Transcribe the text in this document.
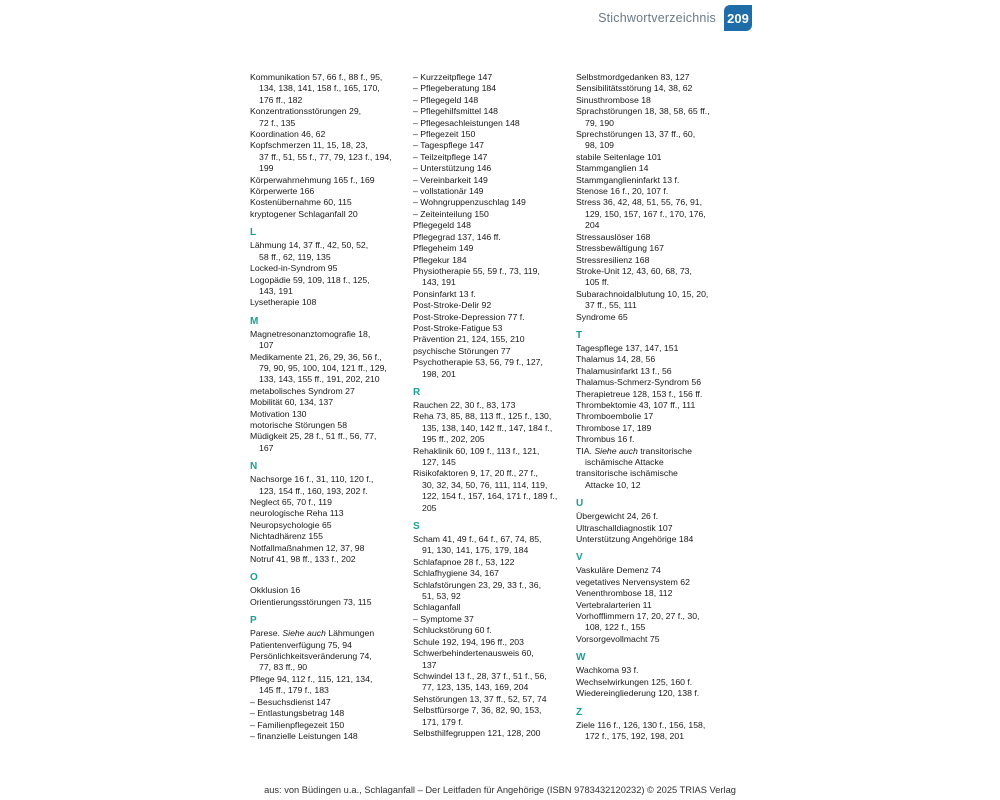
Stichwortverzeichnis 209
Kommunikation 57, 66 f., 88 f., 95,
134, 138, 141, 158 f., 165, 170,
176 ff., 182
Konzentrationsstörungen 29,
72 f., 135
Koordination 46, 62
Kopfschmerzen 11, 15, 18, 23,
37 ff., 51, 55 f., 77, 79, 123 f., 194,
199
Körperwahrnehmung 165 f., 169
Körperwerte 166
Kostenübernahme 60, 115
kryptogener Schlaganfall 20
L
Lähmung 14, 37 ff., 42, 50, 52,
58 ff., 62, 119, 135
Locked-in-Syndrom 95
Logopädie 59, 109, 118 f., 125,
143, 191
Lysetherapie 108
M
Magnetresonanztomografie 18,
107
Medikamente 21, 26, 29, 36, 56 f.,
79, 90, 95, 100, 104, 121 ff., 129,
133, 143, 155 ff., 191, 202, 210
metabolisches Syndrom 27
Mobilität 60, 134, 137
Motivation 130
motorische Störungen 58
Müdigkeit 25, 28 f., 51 ff., 56, 77,
167
N
Nachsorge 16 f., 31, 110, 120 f.,
123, 154 ff., 160, 193, 202 f.
Neglect 65, 70 f., 119
neurologische Reha 113
Neuropsychologie 65
Nichtadhärenz 155
Notfallmaßnahmen 12, 37, 98
Notruf 41, 98 ff., 133 f., 202
O
Okklusion 16
Orientierungsstörungen 73, 115
P
Parese. Siehe auch Lähmungen
Patientenverfügung 75, 94
Persönlichkeitsveränderung 74,
77, 83 ff., 90
Pflege 94, 112 f., 115, 121, 134,
145 ff., 179 f., 183
– Besuchsdienst 147
– Entlastungsbetrag 148
– Familienpflegezeit 150
– finanzielle Leistungen 148
– Kurzzeitpflege 147
– Pflegeberatung 184
– Pflegegeld 148
– Pflegehilfsmittel 148
– Pflegesachleistungen 148
– Pflegezeit 150
– Tagespflege 147
– Teilzeitpflege 147
– Unterstützung 146
– Vereinbarkeit 149
– vollstationär 149
– Wohngruppenzuschlag 149
– Zeiteinteilung 150
Pflegegeld 148
Pflegegrad 137, 146 ff.
Pflegeheim 149
Pflegekur 184
Physiotherapie 55, 59 f., 73, 119,
143, 191
Ponsinfarkt 13 f.
Post-Stroke-Delir 92
Post-Stroke-Depression 77 f.
Post-Stroke-Fatigue 53
Prävention 21, 124, 155, 210
psychische Störungen 77
Psychotherapie 53, 56, 79 f., 127,
198, 201
R
Rauchen 22, 30 f., 83, 173
Reha 73, 85, 88, 113 ff., 125 f., 130,
135, 138, 140, 142 ff., 147, 184 f.,
195 ff., 202, 205
Rehaklinik 60, 109 f., 113 f., 121,
127, 145
Risikofaktoren 9, 17, 20 ff., 27 f.,
30, 32, 34, 50, 76, 111, 114, 119,
122, 154 f., 157, 164, 171 f., 189 f.,
205
S
Scham 41, 49 f., 64 f., 67, 74, 85,
91, 130, 141, 175, 179, 184
Schlafapnoe 28 f., 53, 122
Schlafhygiene 34, 167
Schlafstörungen 23, 29, 33 f., 36,
51, 53, 92
Schlaganfall
– Symptome 37
Schluckstörung 60 f.
Schule 192, 194, 196 ff., 203
Schwerbehindertenausweis 60,
137
Schwindel 13 f., 28, 37 f., 51 f., 56,
77, 123, 135, 143, 169, 204
Sehstörungen 13, 37 ff., 52, 57, 74
Selbstfürsorge 7, 36, 82, 90, 153,
171, 179 f.
Selbsthilfegruppen 121, 128, 200
Selbstmordgedanken 83, 127
Sensibilitätsstörung 14, 38, 62
Sinusthrombose 18
Sprachstörungen 18, 38, 58, 65 ff.,
79, 190
Sprechstörungen 13, 37 ff., 60,
98, 109
stabile Seitenlage 101
Stammganglien 14
Stammganglieninfarkt 13 f.
Stenose 16 f., 20, 107 f.
Stress 36, 42, 48, 51, 55, 76, 91,
129, 150, 157, 167 f., 170, 176,
204
Stressauslöser 168
Stressbewältigung 167
Stressresilienz 168
Stroke-Unit 12, 43, 60, 68, 73,
105 ff.
Subarachnoidalblutung 10, 15, 20,
37 ff., 55, 111
Syndrome 65
T
Tagespflege 137, 147, 151
Thalamus 14, 28, 56
Thalamusinfarkt 13 f., 56
Thalamus-Schmerz-Syndrom 56
Therapietreue 128, 153 f., 156 ff.
Thrombektomie 43, 107 ff., 111
Thromboembolie 17
Thrombose 17, 189
Thrombus 16 f.
TIA. Siehe auch transitorische
ischämische Attacke
transitorische ischämische
Attacke 10, 12
U
Übergewicht 24, 26 f.
Ultraschalldiagnostik 107
Unterstützung Angehörige 184
V
Vaskuläre Demenz 74
vegetatives Nervensystem 62
Venenthrombose 18, 112
Vertebralarterien 11
Vorhofflimmern 17, 20, 27 f., 30,
108, 122 f., 155
Vorsorgevollmacht 75
W
Wachkoma 93 f.
Wechselwirkungen 125, 160 f.
Wiedereingliederung 120, 138 f.
Z
Ziele 116 f., 126, 130 f., 156, 158,
172 f., 175, 192, 198, 201
aus: von Büdingen u.a., Schlaganfall – Der Leitfaden für Angehörige (ISBN 9783432120232) © 2025 TRIAS Verlag
